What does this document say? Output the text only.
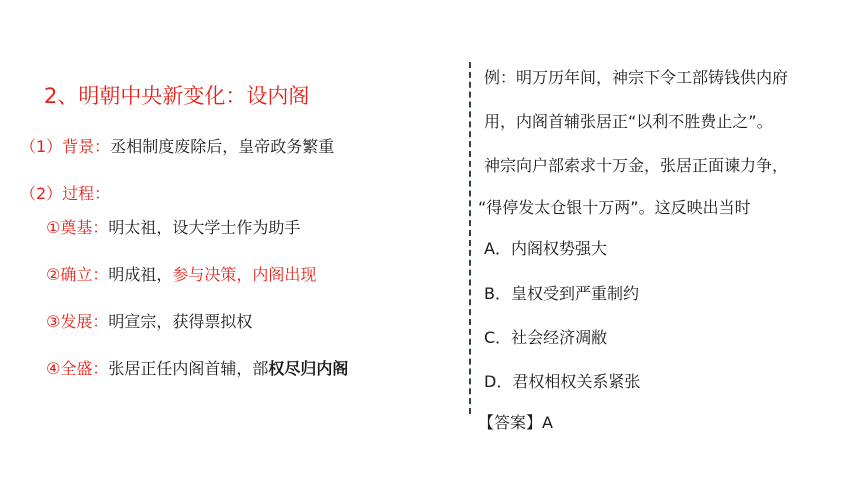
2、明朝中央新变化：设内阁
（1）背景：丞相制度废除后，皇帝政务繁重
（2）过程：
①奠基：明太祖，设大学士作为助手
②确立：明成祖，参与决策，内阁出现
③发展：明宣宗，获得票拟权
④全盛：张居正任内阁首辅，部权尽归内阁
例：明万历年间，神宗下令工部铸钱供内府
用，内阁首辅张居正“以利不胜费止之”。
神宗向户部索求十万金，张居正面谏力争，
“得停发太仓银十万两”。这反映出当时
A．内阁权势强大
B．皇权受到严重制约
C．社会经济凋敝
D．君权相权关系紧张
【答案】A
